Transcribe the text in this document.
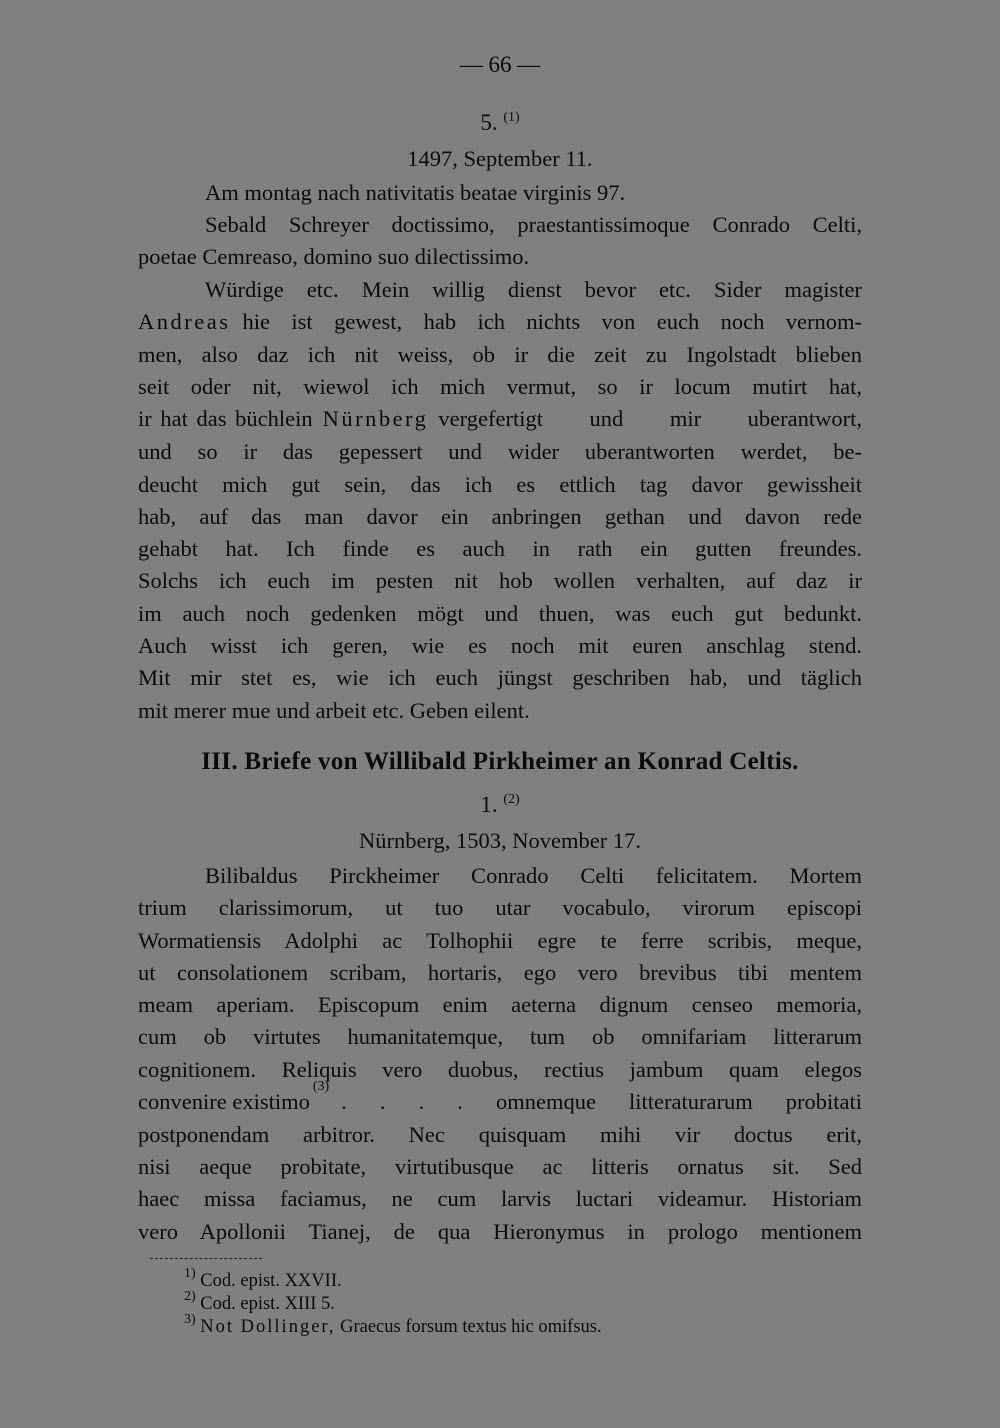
— 66 —
5. $^{(1)}$
1497, September 11.
Am montag nach nativitatis beatae virginis 97.
Sebald Schreyer doctissimo, praestantissimoque Conrado Celti,
poetae Cemreaso, domino suo dilectissimo.
Würdige etc. Mein willig dienst bevor etc. Sider magister
Andreas hie ist gewest, hab ich nichts von euch noch vernom-
men, also daz ich nit weiss, ob ir die zeit zu Ingolstadt blieben
seit oder nit, wiewol ich mich vermut, so ir locum mutirt hat,
ir hat das büchlein Nürnberg vergefertigt und mir uberantwort,
und so ir das gepessert und wider uberantworten werdet, be-
deucht mich gut sein, das ich es ettlich tag davor gewissheit
hab, auf das man davor ein anbringen gethan und davon rede
gehabt hat. Ich finde es auch in rath ein gutten freundes.
Solchs ich euch im pesten nit hob wollen verhalten, auf daz ir
im auch noch gedenken mögt und thuen, was euch gut bedunkt.
Auch wisst ich geren, wie es noch mit euren anschlag stend.
Mit mir stet es, wie ich euch jüngst geschriben hab, und täglich
mit merer mue und arbeit etc. Geben eilent.
III. Briefe von Willibald Pirkheimer an Konrad Celtis.
1. $^{(2)}$
Nürnberg, 1503, November 17.
Bilibaldus Pirckheimer Conrado Celti felicitatem. Mortem
trium clarissimorum, ut tuo utar vocabulo, virorum episcopi
Wormatiensis Adolphi ac Tolhophii egre te ferre scribis, meque,
ut consolationem scribam, hortaris, ego vero brevibus tibi mentem
meam aperiam. Episcopum enim aeterna dignum censeo memoria,
cum ob virtutes humanitatemque, tum ob omnifariam litterarum
cognitionem. Reliquis vero duobus, rectius jambum quam elegos
convenire existimo
(3)
. . . . omnemque litteraturarum probitati
postponendam arbitror. Nec quisquam mihi vir doctus erit,
nisi aeque probitate, virtutibusque ac litteris ornatus sit. Sed
haec missa faciamus, ne cum larvis luctari videamur. Historiam
vero Apollonii Tianej, de qua Hieronymus in prologo mentionem
$^{1)}$ Cod. epist. XXVII.
$^{2)}$ Cod. epist. XIII 5.
$^{3)}$ Not Dollinger, Graecus forsum textus hic omifsus.
